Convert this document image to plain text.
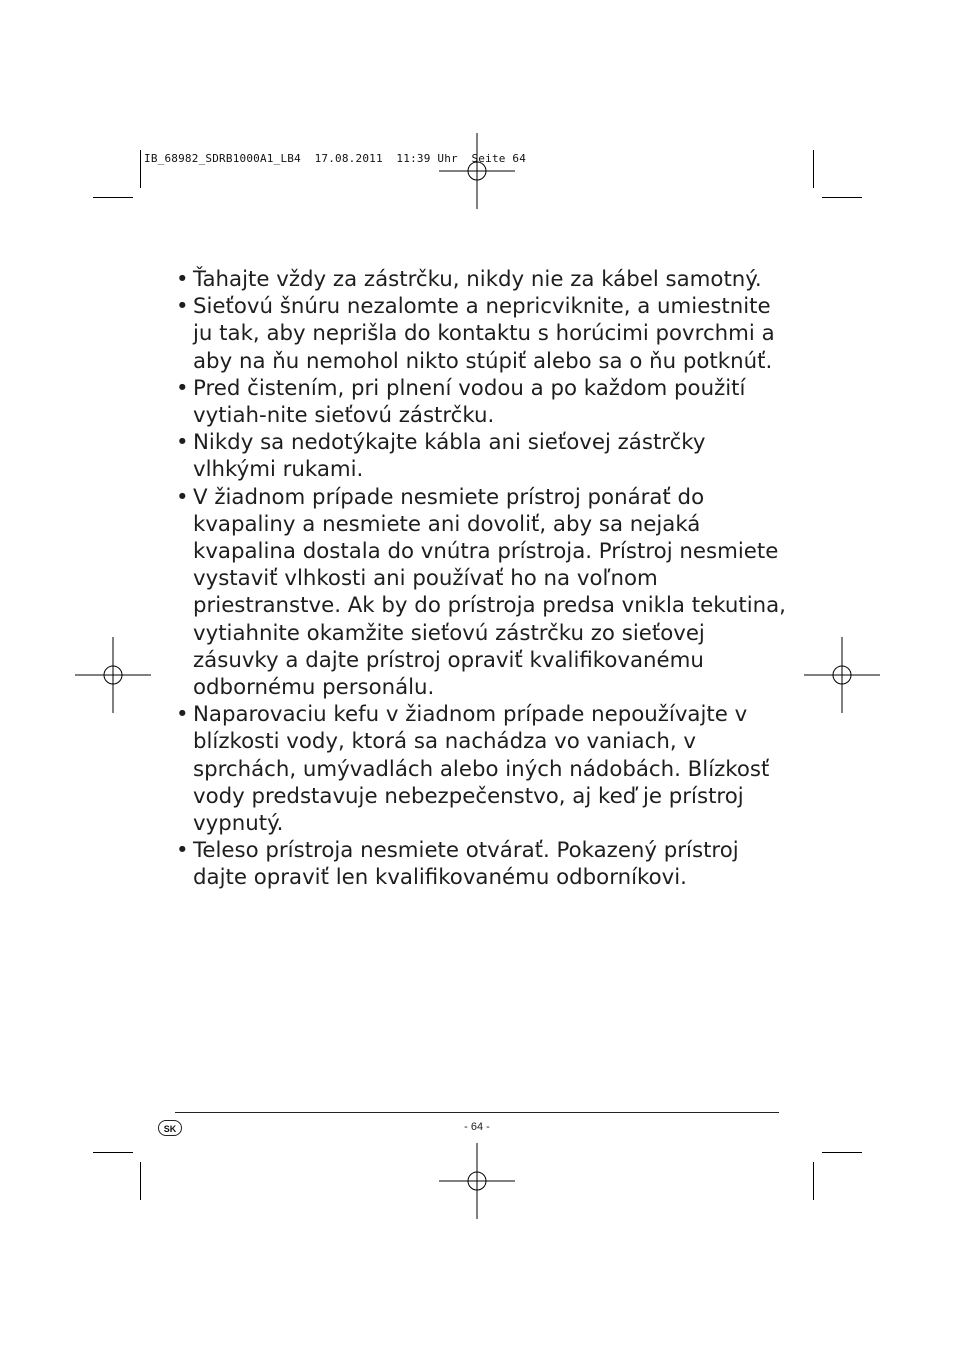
IB_68982_SDRB1000A1_LB4  17.08.2011  11:39 Uhr  Seite 64
• Ťahajte vždy za zástrčku, nikdy nie za kábel samotný.
• Sieťovú šnúru nezalomte a nepricviknite, a umiestnite ju tak, aby neprišla do kontaktu s horúcimi povrchmi a aby na ňu nemohol nikto stúpiť alebo sa o ňu potknúť.
• Pred čistením, pri plnení vodou a po každom použití vytiah-nite sieťovú zástrčku.
• Nikdy sa nedotýkajte kábla ani sieťovej zástrčky vlhkými rukami.
• V žiadnom prípade nesmiete prístroj ponárať do kvapaliny a nesmiete ani dovoliť, aby sa nejaká kvapalina dostala do vnútra prístroja. Prístroj nesmiete vystaviť vlhkosti ani používať ho na voľnom priestranstve. Ak by do prístroja predsa vnikla tekutina, vytiahnite okamžite sieťovú zástrčku zo sieťovej zásuvky a dajte prístroj opraviť kvalifikovanému odbornému personálu.
• Naparovaciu kefu v žiadnom prípade nepoužívajte v blízkosti vody, ktorá sa nachádza vo vaniach, v sprchách, umývadlách alebo iných nádobách. Blízkosť vody predstavuje nebezpečenstvo, aj keď je prístroj vypnutý.
• Teleso prístroja nesmiete otvárať. Pokazený prístroj dajte opraviť len kvalifikovanému odborníkovi.
SK	- 64 -
